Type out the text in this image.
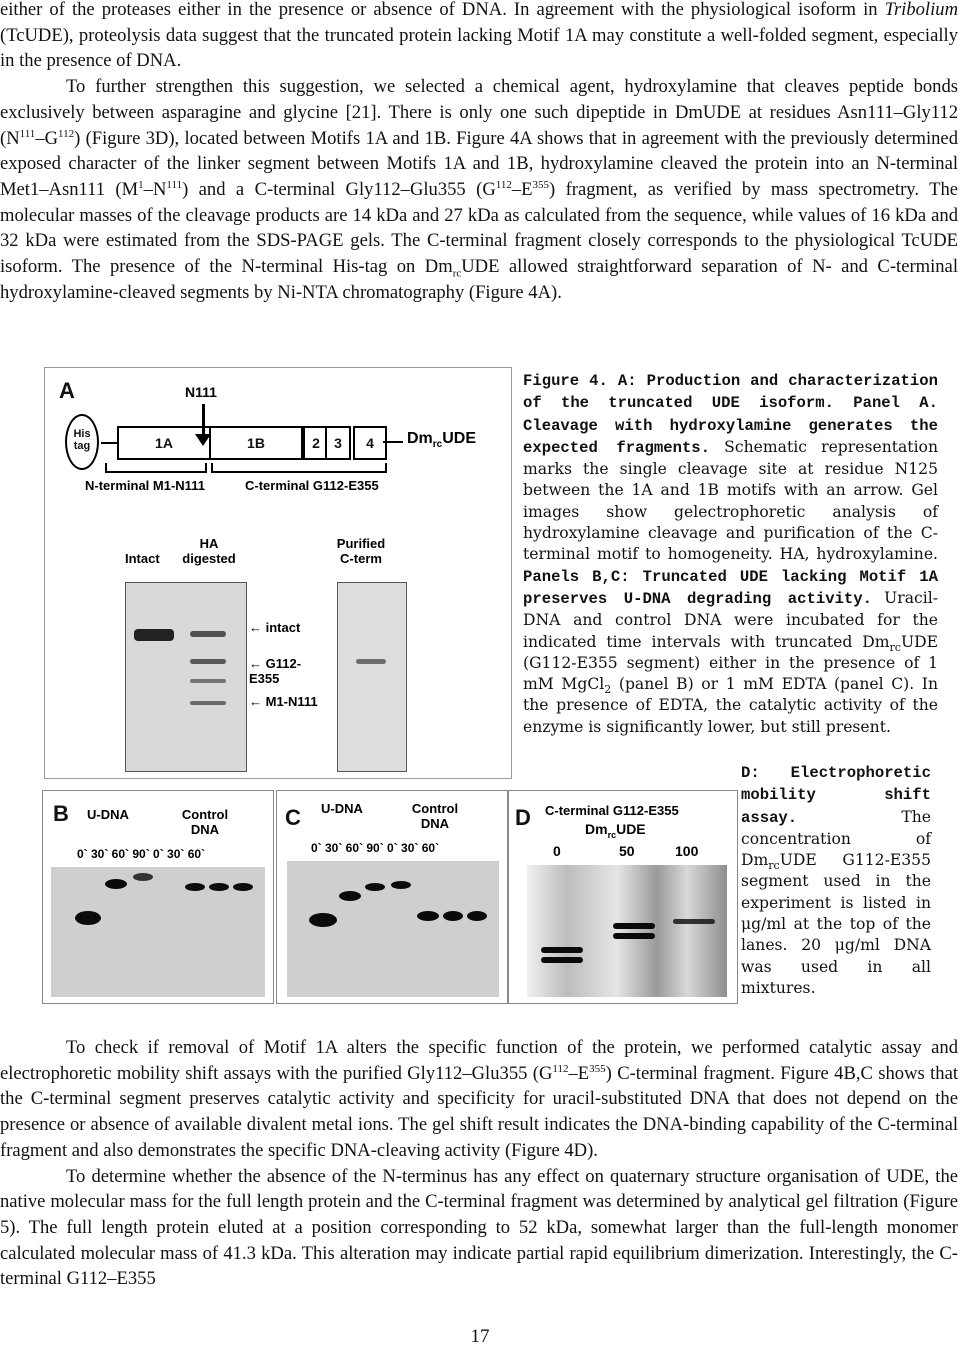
either of the proteases either in the presence or absence of DNA. In agreement with the physiological isoform in Tribolium (TcUDE), proteolysis data suggest that the truncated protein lacking Motif 1A may constitute a well-folded segment, especially in the presence of DNA.
To further strengthen this suggestion, we selected a chemical agent, hydroxylamine that cleaves peptide bonds exclusively between asparagine and glycine [21]. There is only one such dipeptide in DmUDE at residues Asn111–Gly112 $(N^{111}-G^{112})$ (Figure 3D), located between Motifs 1A and 1B. Figure 4A shows that in agreement with the previously determined exposed character of the linker segment between Motifs 1A and 1B, hydroxylamine cleaved the protein into an N-terminal Met1–Asn111 $(M^1-N^{111})$ and a C-terminal Gly112–Glu355 $(G^{112}-E^{355})$ fragment, as verified by mass spectrometry. The molecular masses of the cleavage products are 14 kDa and 27 kDa as calculated from the sequence, while values of 16 kDa and 32 kDa were estimated from the SDS-PAGE gels. The C-terminal fragment closely corresponds to the physiological TcUDE isoform. The presence of the N-terminal His-tag on $Dm_{rc}UDE$ allowed straightforward separation of N- and C-terminal hydroxylamine-cleaved segments by Ni-NTA chromatography (Figure 4A).
A
His tag	1A
N111
1B	2	3	4	$Dm_{rc}UDE$
N-terminal M1-N111	C-terminal G112-E355
Intact
HA digested
Purified C-term
← intact
← G112-E355
← M1-N111
Figure 4. A: Production and characterization of the truncated UDE isoform. Panel A. Cleavage with hydroxylamine generates the expected fragments. Schematic representation marks the single cleavage site at residue N125 between the 1A and 1B motifs with an arrow. Gel images show gelectrophoretic analysis of hydroxylamine cleavage and purification of the C-terminal motif to homogeneity. HA, hydroxylamine. Panels B,C: Truncated UDE lacking Motif 1A preserves U-DNA degrading activity. Uracil-DNA and control DNA were incubated for the indicated time intervals with truncated $Dm_{rc}UDE$ (G112-E355 segment) either in the presence of 1 mM MgCl$_2$ (panel B) or 1 mM EDTA (panel C). In the presence of EDTA, the catalytic activity of the enzyme is significantly lower, but still present.
B U-DNA	Control DNA
0` 30` 60` 90` 0` 30` 60`
C U-DNA	Control DNA
0` 30` 60` 90` 0` 30` 60`
D C-terminal G112-E355
$Dm_{rc}UDE$
0	50	100
D: Electrophoretic mobility shift assay. The concentration of $Dm_{rc}UDE$ G112-E355 segment used in the experiment is listed in μg/ml at the top of the lanes. 20 μg/ml DNA was used in all mixtures.
To check if removal of Motif 1A alters the specific function of the protein, we performed catalytic assay and electrophoretic mobility shift assays with the purified Gly112–Glu355 $(G^{112}-E^{355})$ C-terminal fragment. Figure 4B,C shows that the C-terminal segment preserves catalytic activity and specificity for uracil-substituted DNA that does not depend on the presence or absence of available divalent metal ions. The gel shift result indicates the DNA-binding capability of the C-terminal fragment and also demonstrates the specific DNA-cleaving activity (Figure 4D).
To determine whether the absence of the N-terminus has any effect on quaternary structure organisation of UDE, the native molecular mass for the full length protein and the C-terminal fragment was determined by analytical gel filtration (Figure 5). The full length protein eluted at a position corresponding to 52 kDa, somewhat larger than the full-length monomer calculated molecular mass of 41.3 kDa. This alteration may indicate partial rapid equilibrium dimerization. Interestingly, the C-terminal G112–E355
17
